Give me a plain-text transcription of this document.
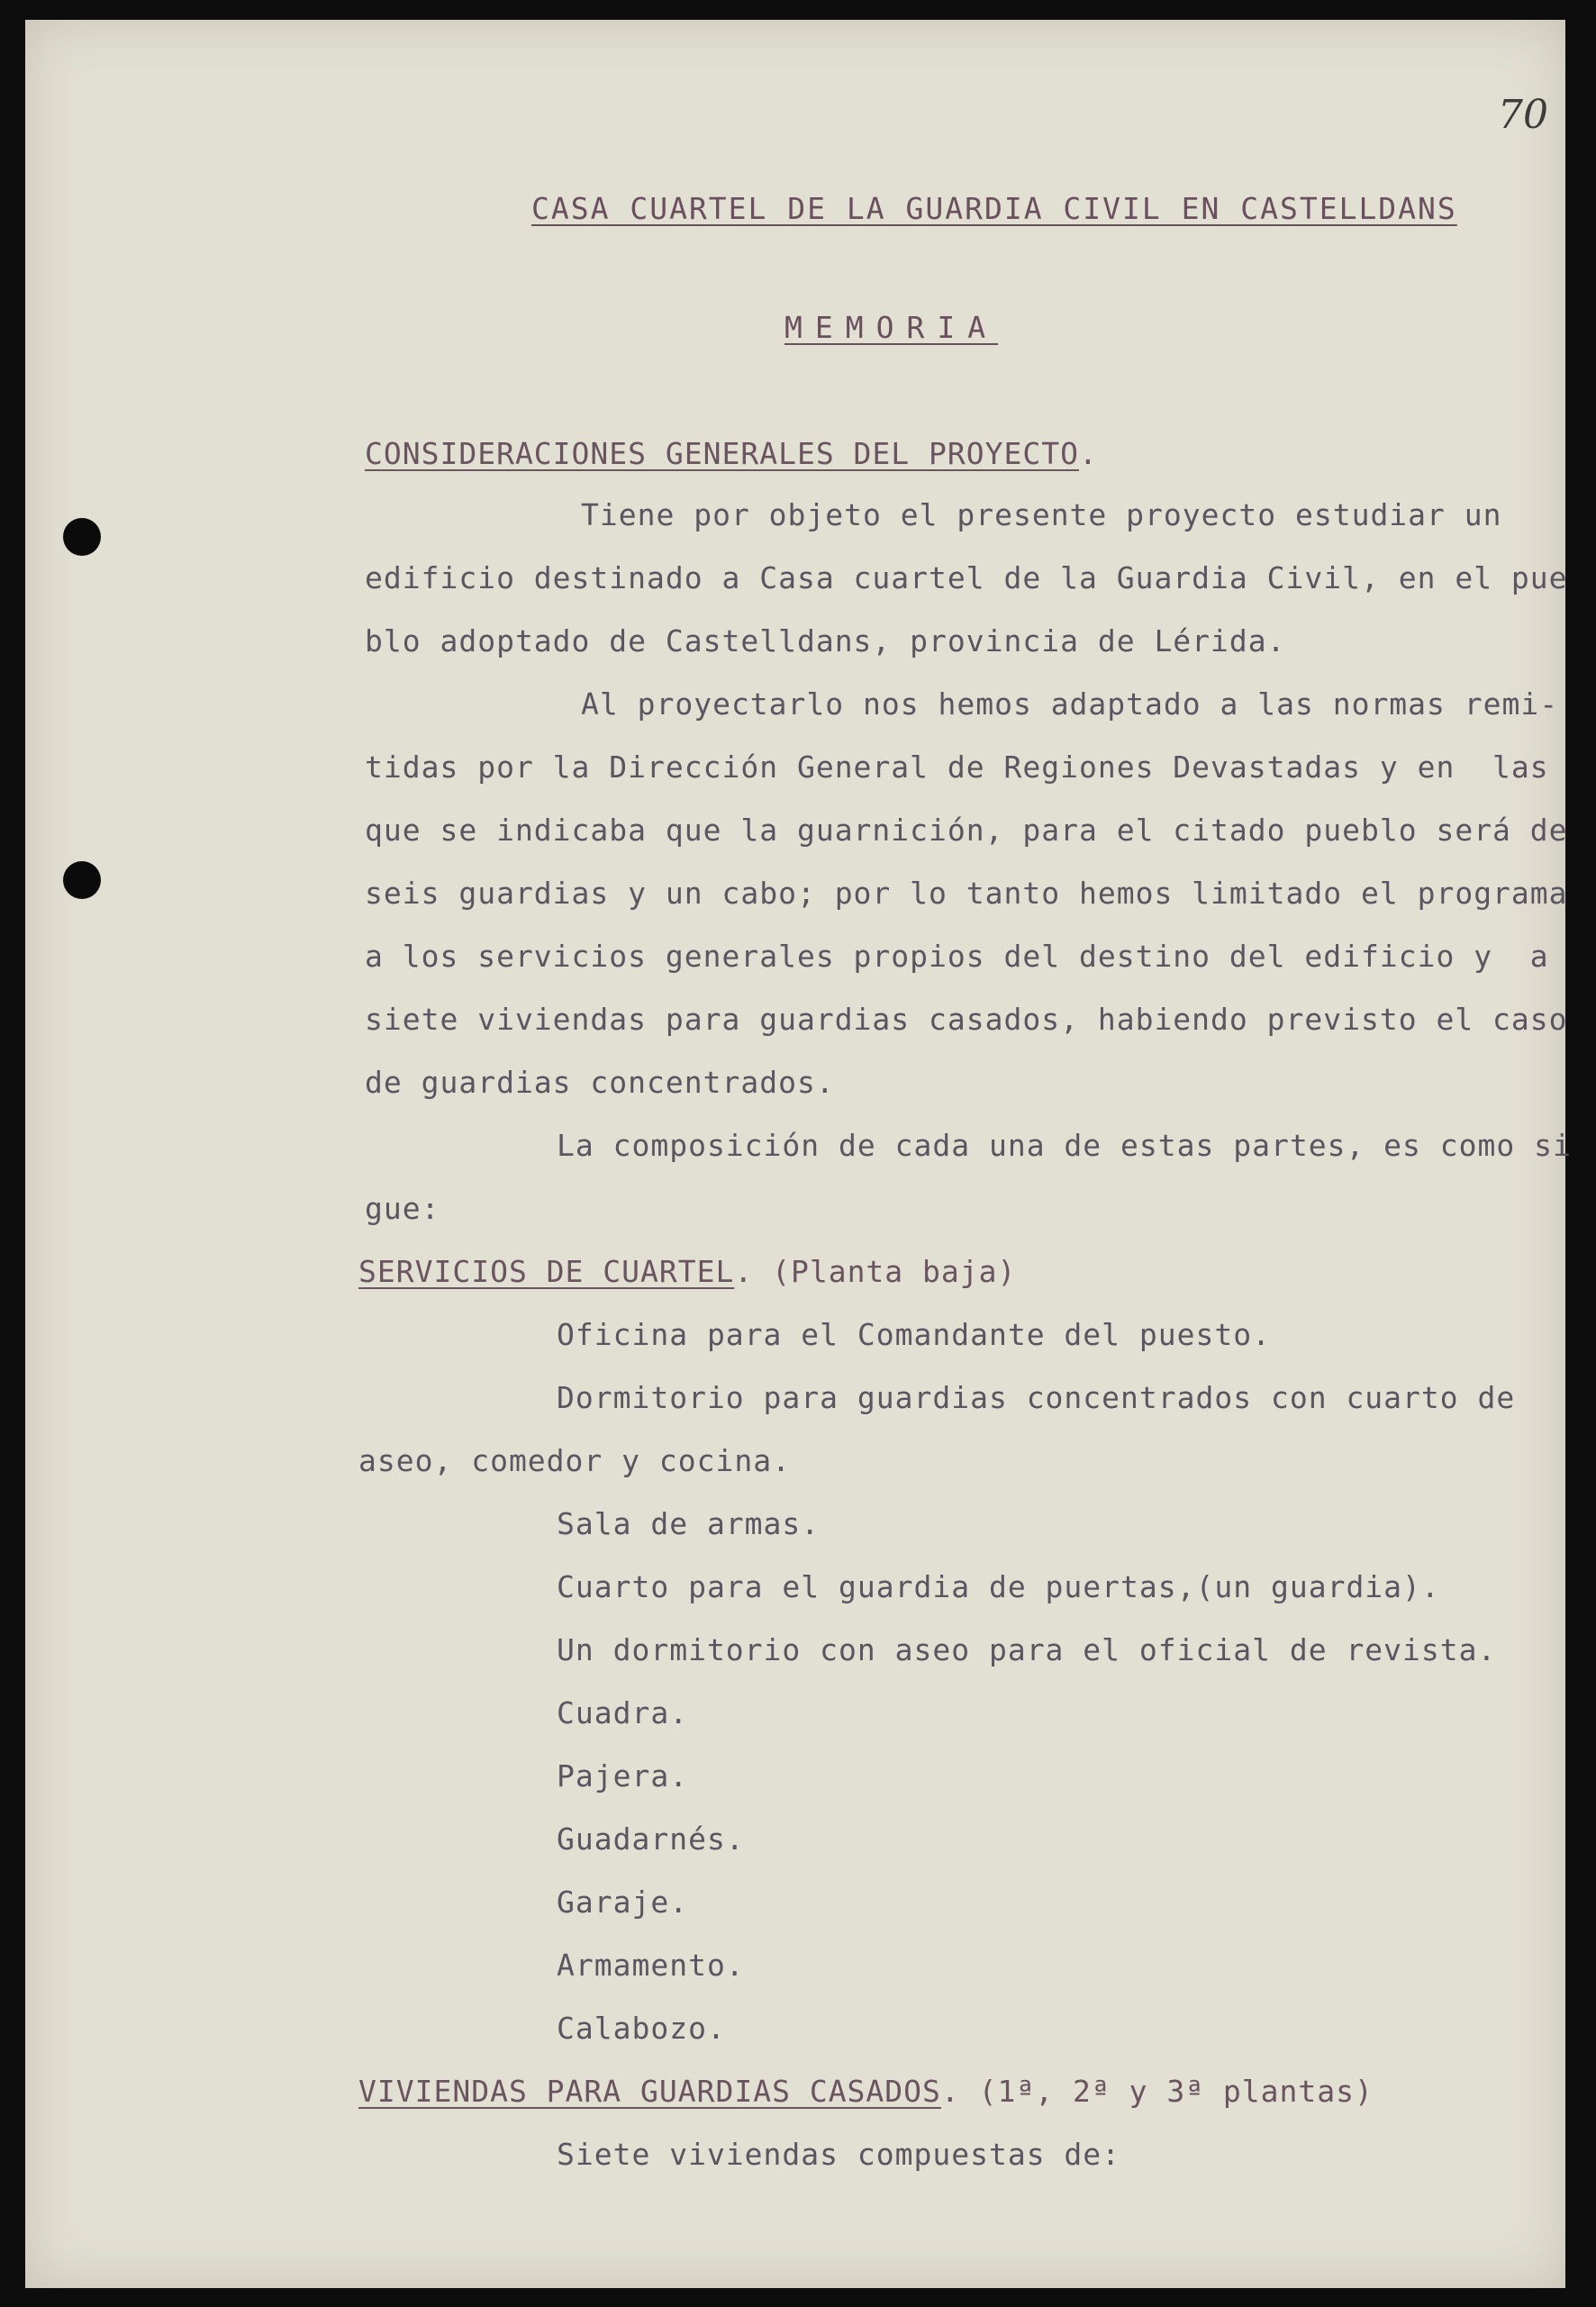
70
CASA CUARTEL DE LA GUARDIA CIVIL EN CASTELLDANS
MEMORIA
CONSIDERACIONES GENERALES DEL PROYECTO.
Tiene por objeto el presente proyecto estudiar un
edificio destinado a Casa cuartel de la Guardia Civil, en el pue
blo adoptado de Castelldans, provincia de Lérida.
Al proyectarlo nos hemos adaptado a las normas remi-
tidas por la Dirección General de Regiones Devastadas y en  las
que se indicaba que la guarnición, para el citado pueblo será de
seis guardias y un cabo; por lo tanto hemos limitado el programa
a los servicios generales propios del destino del edificio y  a
siete viviendas para guardias casados, habiendo previsto el caso
de guardias concentrados.
La composición de cada una de estas partes, es como si
gue:
SERVICIOS DE CUARTEL. (Planta baja)
Oficina para el Comandante del puesto.
Dormitorio para guardias concentrados con cuarto de
aseo, comedor y cocina.
Sala de armas.
Cuarto para el guardia de puertas,(un guardia).
Un dormitorio con aseo para el oficial de revista.
Cuadra.
Pajera.
Guadarnés.
Garaje.
Armamento.
Calabozo.
VIVIENDAS PARA GUARDIAS CASADOS. (1ª, 2ª y 3ª plantas)
Siete viviendas compuestas de:
